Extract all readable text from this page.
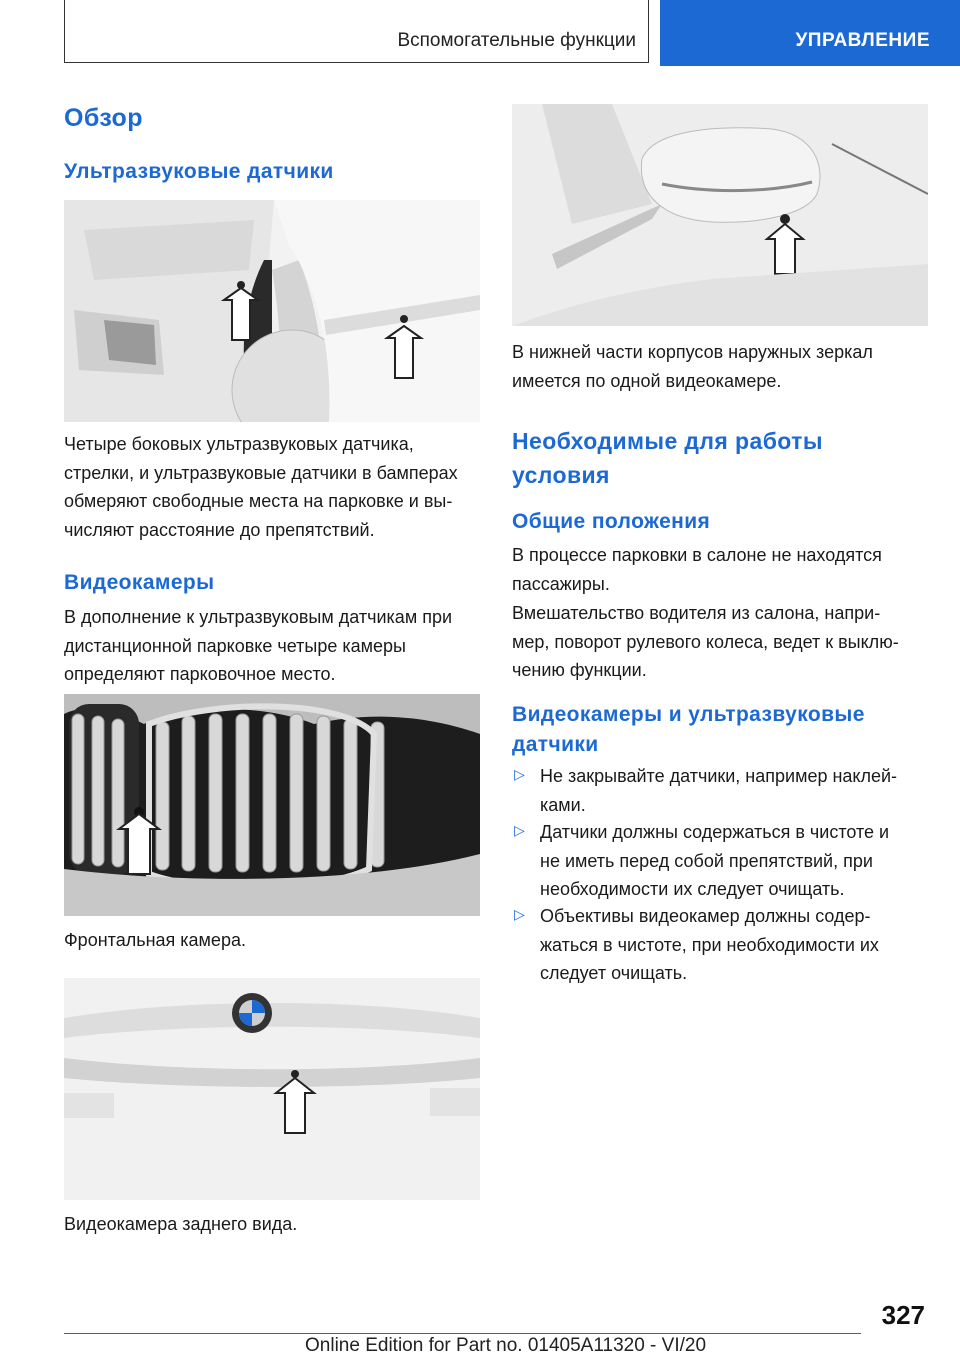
Вспомогательные функции	УПРАВЛЕНИЕ
Обзор
Ультразвуковые датчики
Четыре боковых ультразвуковых датчика,
стрелки, и ультразвуковые датчики в бамперах
обмеряют свободные места на парковке и вы-
числяют расстояние до препятствий.
Видеокамеры
В дополнение к ультразвуковым датчикам при
дистанционной парковке четыре камеры
определяют парковочное место.
Фронтальная камера.
Видеокамера заднего вида.
В нижней части корпусов наружных зеркал
имеется по одной видеокамере.
Необходимые для работы
условия
Общие положения
В процессе парковки в салоне не находятся
пассажиры.
Вмешательство водителя из салона, напри-
мер, поворот рулевого колеса, ведет к выклю-
чению функции.
Видеокамеры и ультразвуковые
датчики
▷ Не закрывайте датчики, например наклей-
ками.
▷ Датчики должны содержаться в чистоте и
не иметь перед собой препятствий, при
необходимости их следует очищать.
▷ Объективы видеокамер должны содер-
жаться в чистоте, при необходимости их
следует очищать.
327
Online Edition for Part no. 01405A11320 - VI/20
